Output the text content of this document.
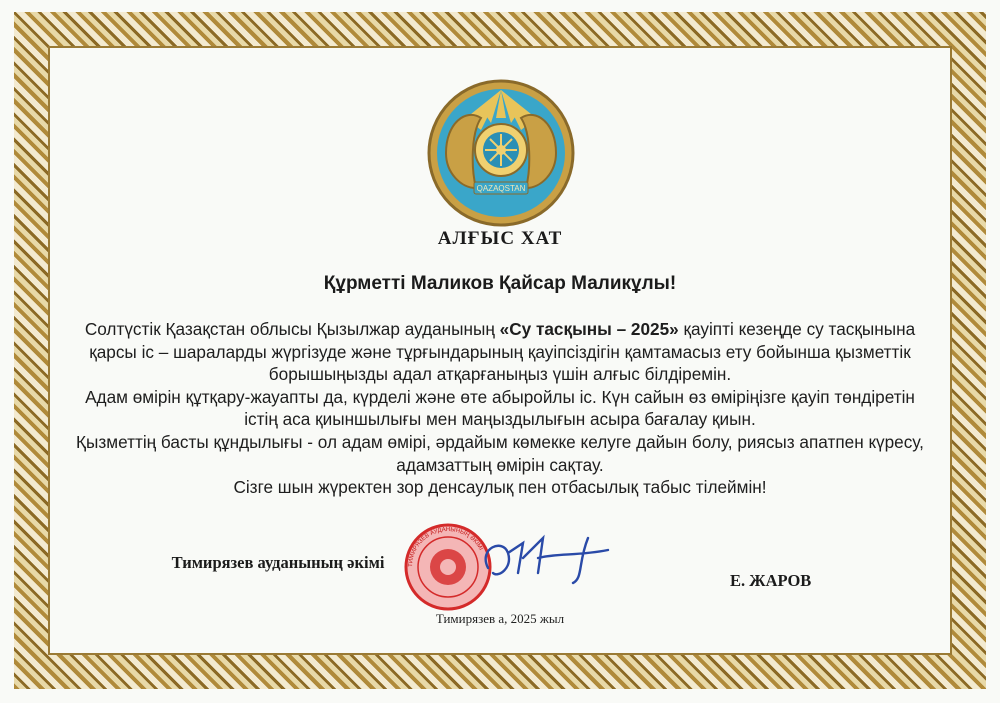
QAZAQSTAN
АЛҒЫС ХАТ
Құрметті Маликов Қайсар Маликұлы!

Солтүстік Қазақстан облысы Қызылжар ауданының «Су тасқыны – 2025» қауіпті кезеңде су тасқынына қарсы іс – шараларды жүргізуде және тұрғындарының қауіпсіздігін қамтамасыз ету бойынша қызметтік борышыңызды адал атқарғаныңыз үшін алғыс білдіремін.

Адам өмірін құтқару-жауапты да, күрделі және өте абыройлы іс. Күн сайын өз өміріңізге қауіп төндіретін істің аса қиыншылығы мен маңыздылығын асыра бағалау қиын.

Қызметтің басты құндылығы - ол адам өмірі, әрдайым көмекке келуге дайын болу, риясыз апатпен күресу, адамзаттың өмірін сақтау.

Сізге шын жүректен зор денсаулық пен отбасылық табыс тілеймін!

Тимирязев ауданының әкімі	ТИМИРЯЗЕВ АУДАНЫНЫҢ ӘКІМІ
Е. ЖАРОВ
Тимирязев а, 2025 жыл
